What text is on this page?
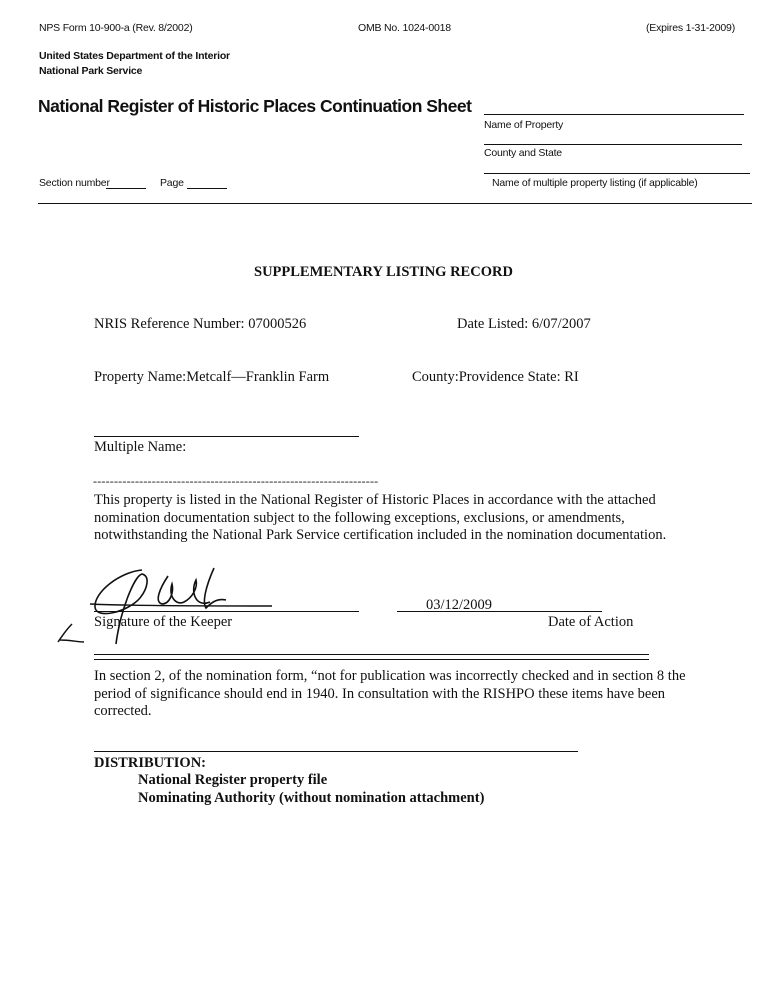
NPS Form 10-900-a (Rev. 8/2002)	OMB No. 1024-0018	(Expires 1-31-2009)
United States Department of the Interior
National Park Service
National Register of Historic Places Continuation Sheet
Name of Property
County and State
Name of multiple property listing (if applicable)
Section number	Page
SUPPLEMENTARY LISTING RECORD
NRIS Reference Number: 07000526	Date Listed: 6/07/2007
Property Name:Metcalf—Franklin Farm	County:Providence State: RI
Multiple Name:
--------------------------------------------------------------------
This property is listed in the National Register of Historic Places in accordance with the attached nomination documentation subject to the following exceptions, exclusions, or amendments, notwithstanding the National Park Service certification included in the nomination documentation.
Signature of the Keeper
03/12/2009
Date of Action
In section 2, of the nomination form, “not for publication was incorrectly checked and in section 8 the period of significance should end in 1940. In consultation with the RISHPO these items have been corrected.
DISTRIBUTION:
National Register property file
Nominating Authority (without nomination attachment)
